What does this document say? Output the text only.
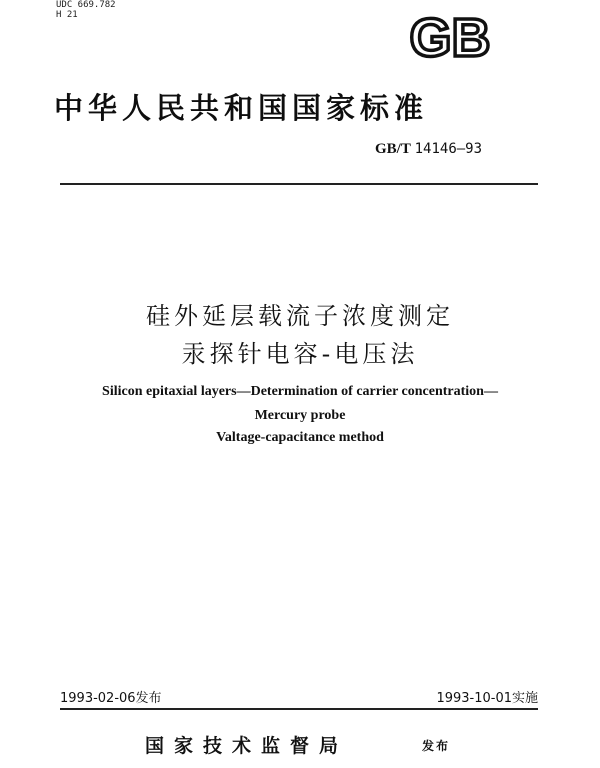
UDC 669.782
H 21	GB
中华人民共和国国家标准
GB/T 14146—93
硅外延层载流子浓度测定
汞探针电容-电压法
Silicon epitaxial layers—Determination of carrier concentration—
Mercury probe
Valtage-capacitance method
1993-02-06发布	1993-10-01实施
国家技术监督局	发布
